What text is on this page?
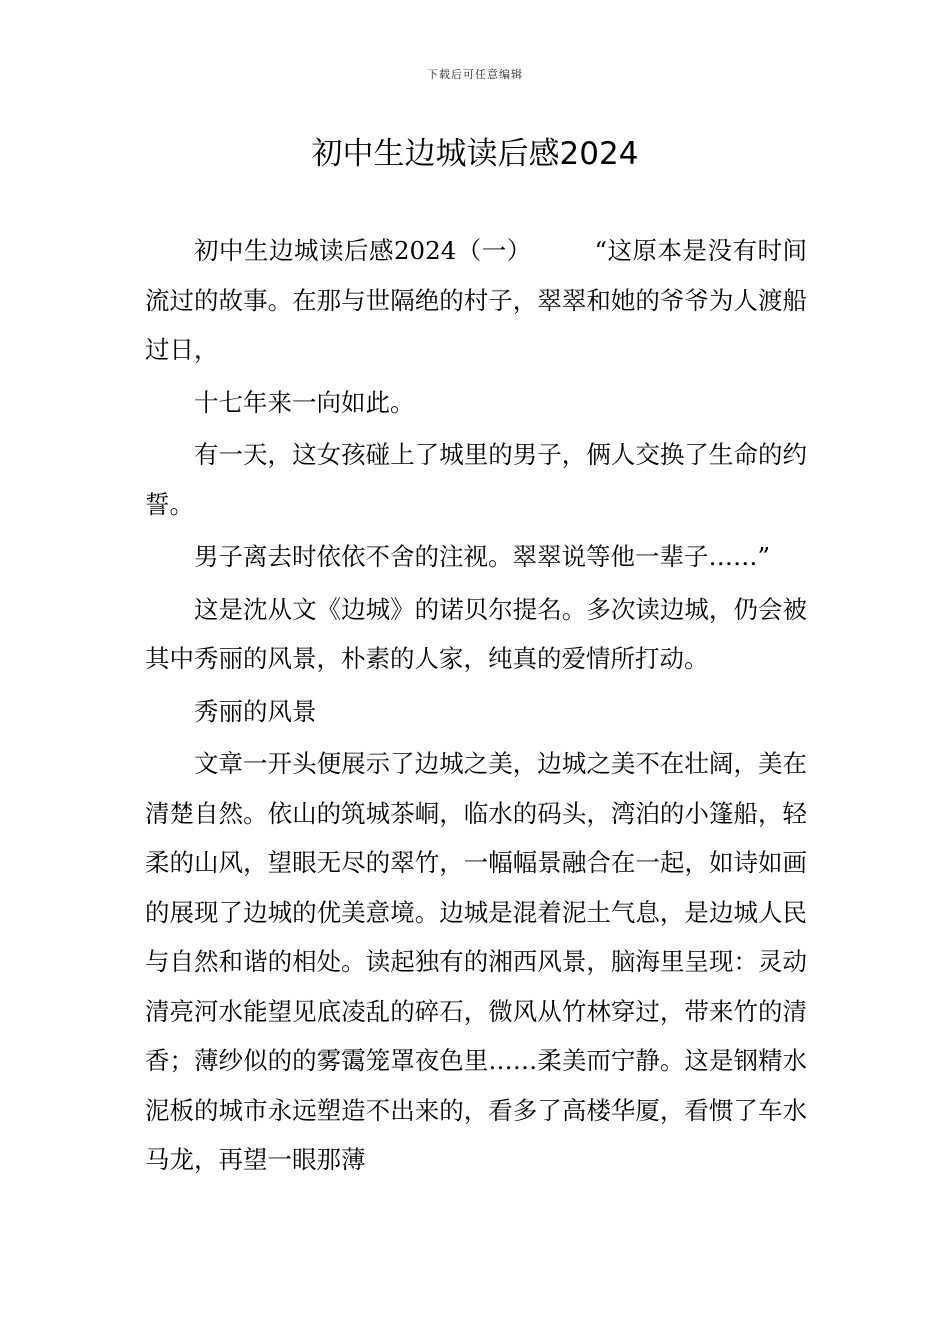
下载后可任意编辑
初中生边城读后感2024

初中生边城读后感2024（一）　　　“这原本是没有时间流过的故事。在那与世隔绝的村子，翠翠和她的爷爷为人渡船过日，

十七年来一向如此。

有一天，这女孩碰上了城里的男子，俩人交换了生命的约誓。

男子离去时依依不舍的注视。翠翠说等他一辈子……”

这是沈从文《边城》的诺贝尔提名。多次读边城，仍会被其中秀丽的风景，朴素的人家，纯真的爱情所打动。

秀丽的风景

文章一开头便展示了边城之美，边城之美不在壮阔，美在清楚自然。依山的筑城茶峒，临水的码头，湾泊的小篷船，轻柔的山风，望眼无尽的翠竹，一幅幅景融合在一起，如诗如画的展现了边城的优美意境。边城是混着泥土气息，是边城人民与自然和谐的相处。读起独有的湘西风景，脑海里呈现：灵动清亮河水能望见底凌乱的碎石，微风从竹林穿过，带来竹的清香；薄纱似的的雾霭笼罩夜色里……柔美而宁静。这是钢精水泥板的城市永远塑造不出来的，看多了高楼华厦，看惯了车水马龙，再望一眼那薄
